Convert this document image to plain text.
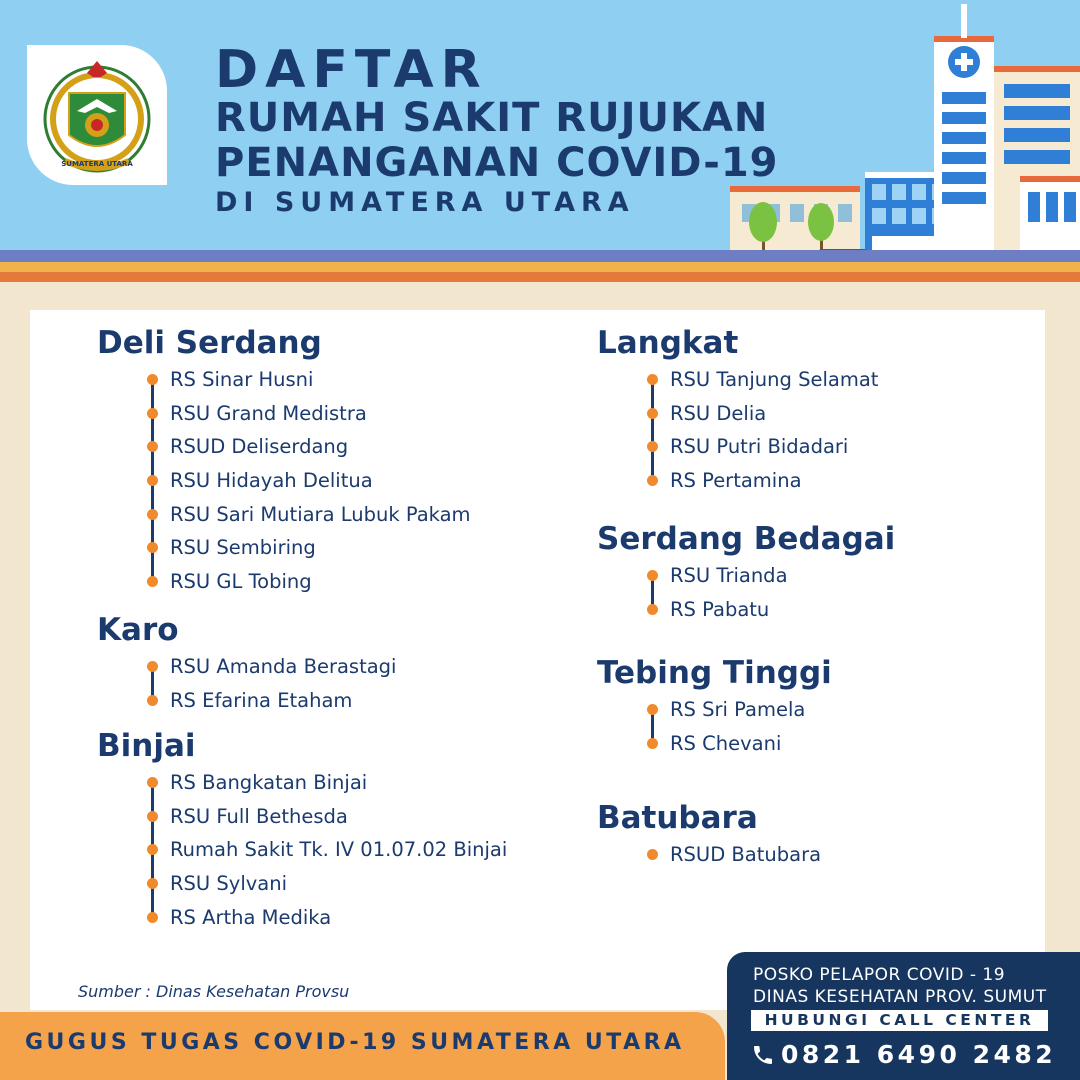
SUMATERA UTARA
DAFTAR
RUMAH SAKIT RUJUKAN
PENANGANAN COVID-19
DI SUMATERA UTARA
Deli Serdang
RS Sinar Husni
RSU Grand Medistra
RSUD Deliserdang
RSU Hidayah Delitua
RSU Sari Mutiara Lubuk Pakam
RSU Sembiring
RSU GL Tobing
Karo
RSU Amanda Berastagi
RS Efarina Etaham
Binjai
RS Bangkatan Binjai
RSU Full Bethesda
Rumah Sakit Tk. IV 01.07.02 Binjai
RSU Sylvani
RS Artha Medika
Langkat
RSU Tanjung Selamat
RSU Delia
RSU Putri Bidadari
RS Pertamina
Serdang Bedagai
RSU Trianda
RS Pabatu
Tebing Tinggi
RS Sri Pamela
RS Chevani
Batubara
RSUD Batubara
Sumber : Dinas Kesehatan Provsu
GUGUS TUGAS COVID-19 SUMATERA UTARA
POSKO PELAPOR COVID - 19
DINAS KESEHATAN PROV. SUMUT
HUBUNGI CALL CENTER
0821 6490 2482
